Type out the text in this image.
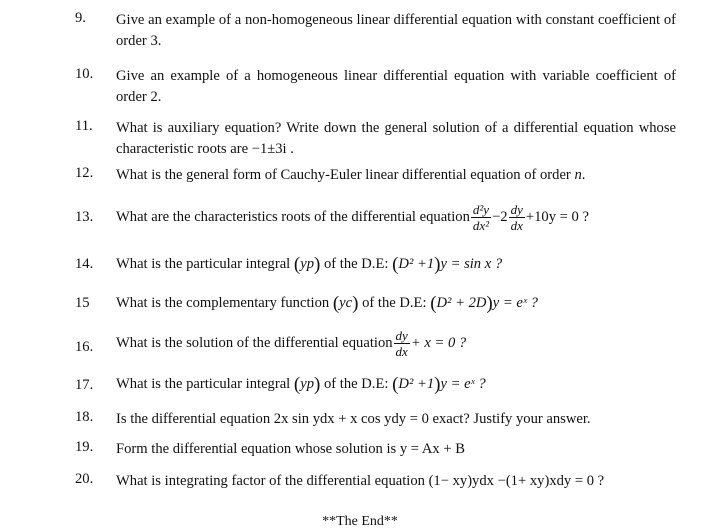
9.	Give an example of a non-homogeneous linear differential equation with constant coefficient of order 3.
10.	Give an example of a homogeneous linear differential equation with variable coefficient of order 2.
11.	What is auxiliary equation? Write down the general solution of a differential equation whose characteristic roots are −1±3i .
12.	What is the general form of Cauchy-Euler linear differential equation of order n.
13.	What are the characteristics roots of the differential equation $\frac{\text{d²y}}{\text{dx²}} -2 \frac{dy}{dx} +10y = 0$ ?
14.	What is the particular integral (yp) of the D.E: (D² +1)y = sin x ?
15	What is the complementary function (yc) of the D.E: (D² + 2D)y = eˣ ?
16.	What is the solution of the differential equation $\frac{dy}{dx} + x = 0$ ?
17.	What is the particular integral (yp) of the D.E: (D² +1)y = eˣ ?
18.	Is the differential equation 2x sin ydx + x cos ydy = 0 exact? Justify your answer.
19.	Form the differential equation whose solution is y = Ax + B
20.	What is integrating factor of the differential equation (1− xy)ydx −(1+ xy)xdy = 0 ?
**The End**
